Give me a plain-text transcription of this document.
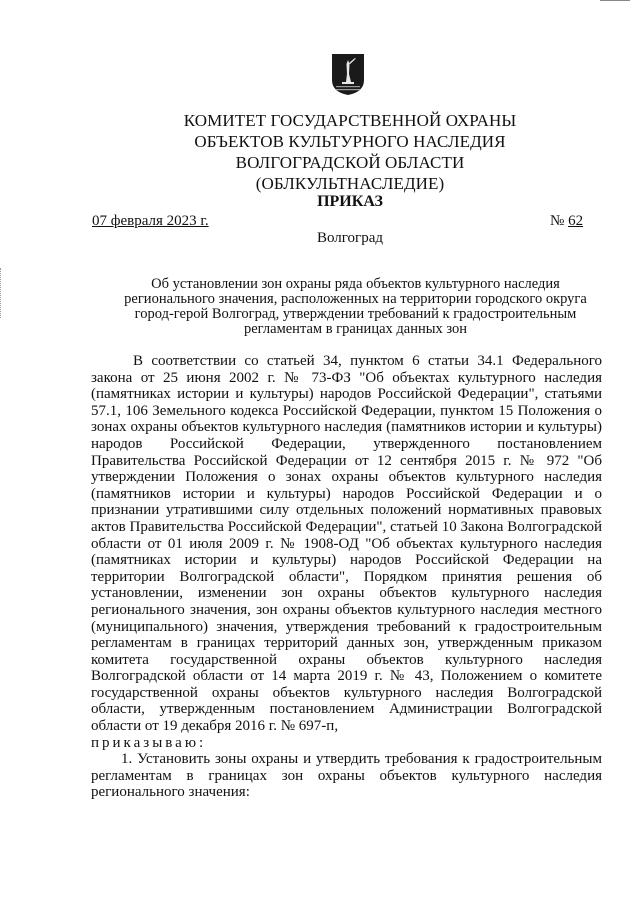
КОМИТЕТ ГОСУДАРСТВЕННОЙ ОХРАНЫ
ОБЪЕКТОВ КУЛЬТУРНОГО НАСЛЕДИЯ
ВОЛГОГРАДСКОЙ ОБЛАСТИ
(ОБЛКУЛЬТНАСЛЕДИЕ)
ПРИКАЗ
07 февраля 2023 г.	№ 62
Волгоград
Об установлении зон охраны ряда объектов культурного наследия
регионального значения, расположенных на территории городского округа
город-герой Волгоград, утверждении требований к градостроительным
регламентам в границах данных зон

В соответствии со статьей 34, пунктом 6 статьи 34.1 Федерального закона от 25 июня 2002 г. № 73-ФЗ "Об объектах культурного наследия (памятниках истории и культуры) народов Российской Федерации", статьями 57.1, 106 Земельного кодекса Российской Федерации, пунктом 15 Положения о зонах охраны объектов культурного наследия (памятников истории и культуры) народов Российской Федерации, утвержденного постановлением Правительства Российской Федерации от 12 сентября 2015 г. № 972 "Об утверждении Положения о зонах охраны объектов культурного наследия (памятников истории и культуры) народов Российской Федерации и о признании утратившими силу отдельных положений нормативных правовых актов Правительства Российской Федерации", статьей 10 Закона Волгоградской области от 01 июля 2009 г. № 1908-ОД "Об объектах культурного наследия (памятниках истории и культуры) народов Российской Федерации на территории Волгоградской области", Порядком принятия решения об установлении, изменении зон охраны объектов культурного наследия регионального значения, зон охраны объектов культурного наследия местного (муниципального) значения, утверждения требований к градостроительным регламентам в границах территорий данных зон, утвержденным приказом комитета государственной охраны объектов культурного наследия Волгоградской области от 14 марта 2019 г. № 43, Положением о комитете государственной охраны объектов культурного наследия Волгоградской области, утвержденным постановлением Администрации Волгоградской области от 19 декабря 2016 г. № 697-п,

приказываю:

1. Установить зоны охраны и утвердить требования к градостроительным регламентам в границах зон охраны объектов культурного наследия регионального значения:
